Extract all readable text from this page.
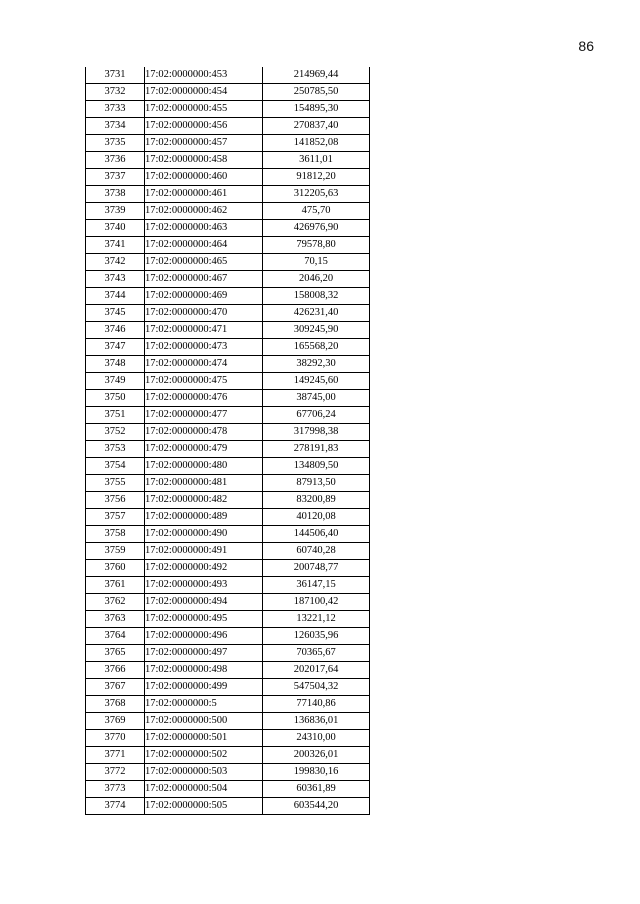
86
3731	17:02:0000000:453	214969,44
3732	17:02:0000000:454	250785,50
3733	17:02:0000000:455	154895,30
3734	17:02:0000000:456	270837,40
3735	17:02:0000000:457	141852,08
3736	17:02:0000000:458	3611,01
3737	17:02:0000000:460	91812,20
3738	17:02:0000000:461	312205,63
3739	17:02:0000000:462	475,70
3740	17:02:0000000:463	426976,90
3741	17:02:0000000:464	79578,80
3742	17:02:0000000:465	70,15
3743	17:02:0000000:467	2046,20
3744	17:02:0000000:469	158008,32
3745	17:02:0000000:470	426231,40
3746	17:02:0000000:471	309245,90
3747	17:02:0000000:473	165568,20
3748	17:02:0000000:474	38292,30
3749	17:02:0000000:475	149245,60
3750	17:02:0000000:476	38745,00
3751	17:02:0000000:477	67706,24
3752	17:02:0000000:478	317998,38
3753	17:02:0000000:479	278191,83
3754	17:02:0000000:480	134809,50
3755	17:02:0000000:481	87913,50
3756	17:02:0000000:482	83200,89
3757	17:02:0000000:489	40120,08
3758	17:02:0000000:490	144506,40
3759	17:02:0000000:491	60740,28
3760	17:02:0000000:492	200748,77
3761	17:02:0000000:493	36147,15
3762	17:02:0000000:494	187100,42
3763	17:02:0000000:495	13221,12
3764	17:02:0000000:496	126035,96
3765	17:02:0000000:497	70365,67
3766	17:02:0000000:498	202017,64
3767	17:02:0000000:499	547504,32
3768	17:02:0000000:5	77140,86
3769	17:02:0000000:500	136836,01
3770	17:02:0000000:501	24310,00
3771	17:02:0000000:502	200326,01
3772	17:02:0000000:503	199830,16
3773	17:02:0000000:504	60361,89
3774	17:02:0000000:505	603544,20
